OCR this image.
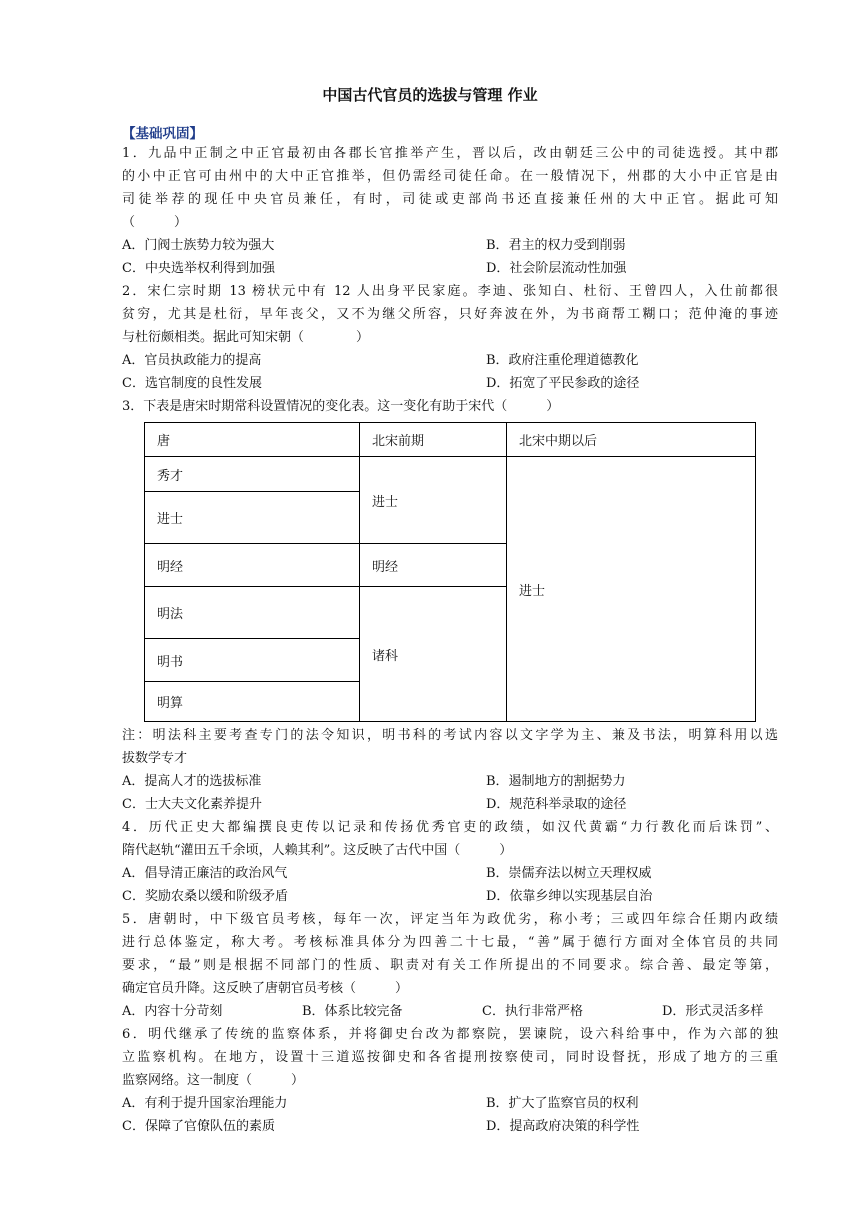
中国古代官员的选拔与管理 作业
【基础巩固】

1．九品中正制之中正官最初由各郡长官推举产生，晋以后，改由朝廷三公中的司徒选授。其中郡

的小中正官可由州中的大中正官推举，但仍需经司徒任命。在一般情况下，州郡的大小中正官是由

司徒举荐的现任中央官员兼任，有时，司徒或吏部尚书还直接兼任州的大中正官。据此可知

（　　　）

A．门阀士族势力较为强大	B．君主的权力受到削弱
C．中央选举权利得到加强	D．社会阶层流动性加强

2．宋仁宗时期 13 榜状元中有 12 人出身平民家庭。李迪、张知白、杜衍、王曾四人，入仕前都很

贫穷，尤其是杜衍，早年丧父，又不为继父所容，只好奔波在外，为书商帮工糊口；范仲淹的事迹

与杜衍颇相类。据此可知宋朝（　　　　）

A．官员执政能力的提高	B．政府注重伦理道德教化
C．选官制度的良性发展	D．拓宽了平民参政的途径

3．下表是唐宋时期常科设置情况的变化表。这一变化有助于宋代（　　　）

唐	北宋前期	北宋中期以后
秀才	进士	进士
进士		
明经	明经	
明法	诸科	
明书		
明算		

注：明法科主要考查专门的法令知识，明书科的考试内容以文字学为主、兼及书法，明算科用以选

拔数学专才

A．提高人才的选拔标准	B．遏制地方的割据势力
C．士大夫文化素养提升	D．规范科举录取的途径

4．历代正史大都编撰良吏传以记录和传扬优秀官吏的政绩，如汉代黄霸“力行教化而后诛罚”、

隋代赵轨“灌田五千余顷，人赖其利”。这反映了古代中国（　　　）

A．倡导清正廉洁的政治风气	B．崇儒弃法以树立天理权威
C．奖励农桑以缓和阶级矛盾	D．依靠乡绅以实现基层自治

5．唐朝时，中下级官员考核，每年一次，评定当年为政优劣，称小考；三或四年综合任期内政绩

进行总体鉴定，称大考。考核标准具体分为四善二十七最，“善”属于德行方面对全体官员的共同

要求，“最”则是根据不同部门的性质、职责对有关工作所提出的不同要求。综合善、最定等第，

确定官员升降。这反映了唐朝官员考核（　　　）

A．内容十分苛刻	B．体系比较完备	C．执行非常严格	D．形式灵活多样

6．明代继承了传统的监察体系，并将御史台改为都察院，罢谏院，设六科给事中，作为六部的独

立监察机构。在地方，设置十三道巡按御史和各省提刑按察使司，同时设督抚，形成了地方的三重

监察网络。这一制度（　　　）

A．有利于提升国家治理能力	B．扩大了监察官员的权利
C．保障了官僚队伍的素质	D．提高政府决策的科学性
